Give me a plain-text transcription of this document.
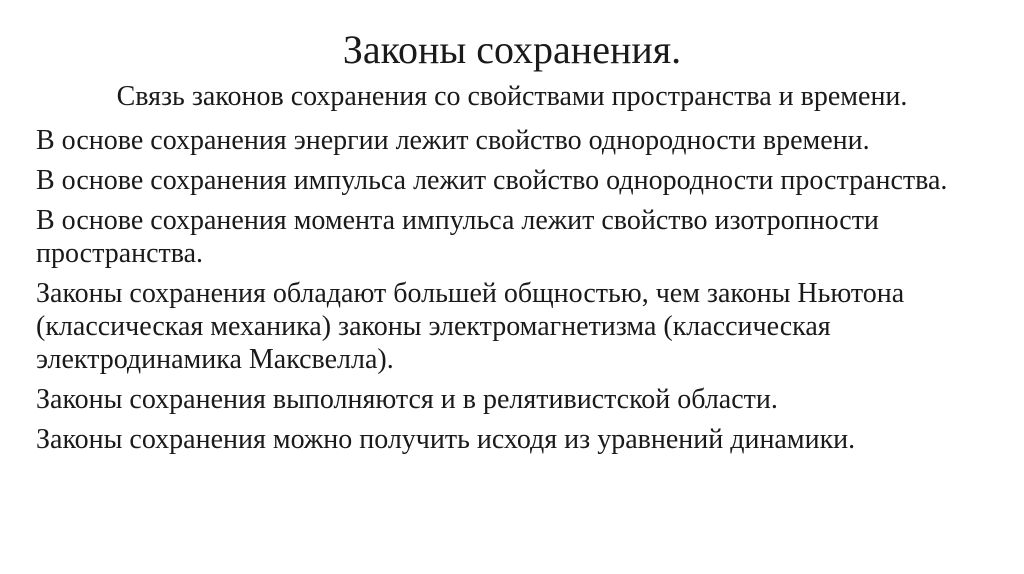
Законы сохранения.

Связь законов сохранения со свойствами пространства и времени.

В основе сохранения энергии лежит свойство однородности времени.

В основе сохранения импульса лежит свойство однородности пространства.

В основе сохранения момента импульса лежит свойство изотропности пространства.

Законы сохранения обладают большей общностью, чем законы Ньютона (классическая механика) законы электромагнетизма (классическая электродинамика Максвелла).

Законы сохранения выполняются и в релятивистской области.

Законы сохранения можно получить исходя из уравнений динамики.
